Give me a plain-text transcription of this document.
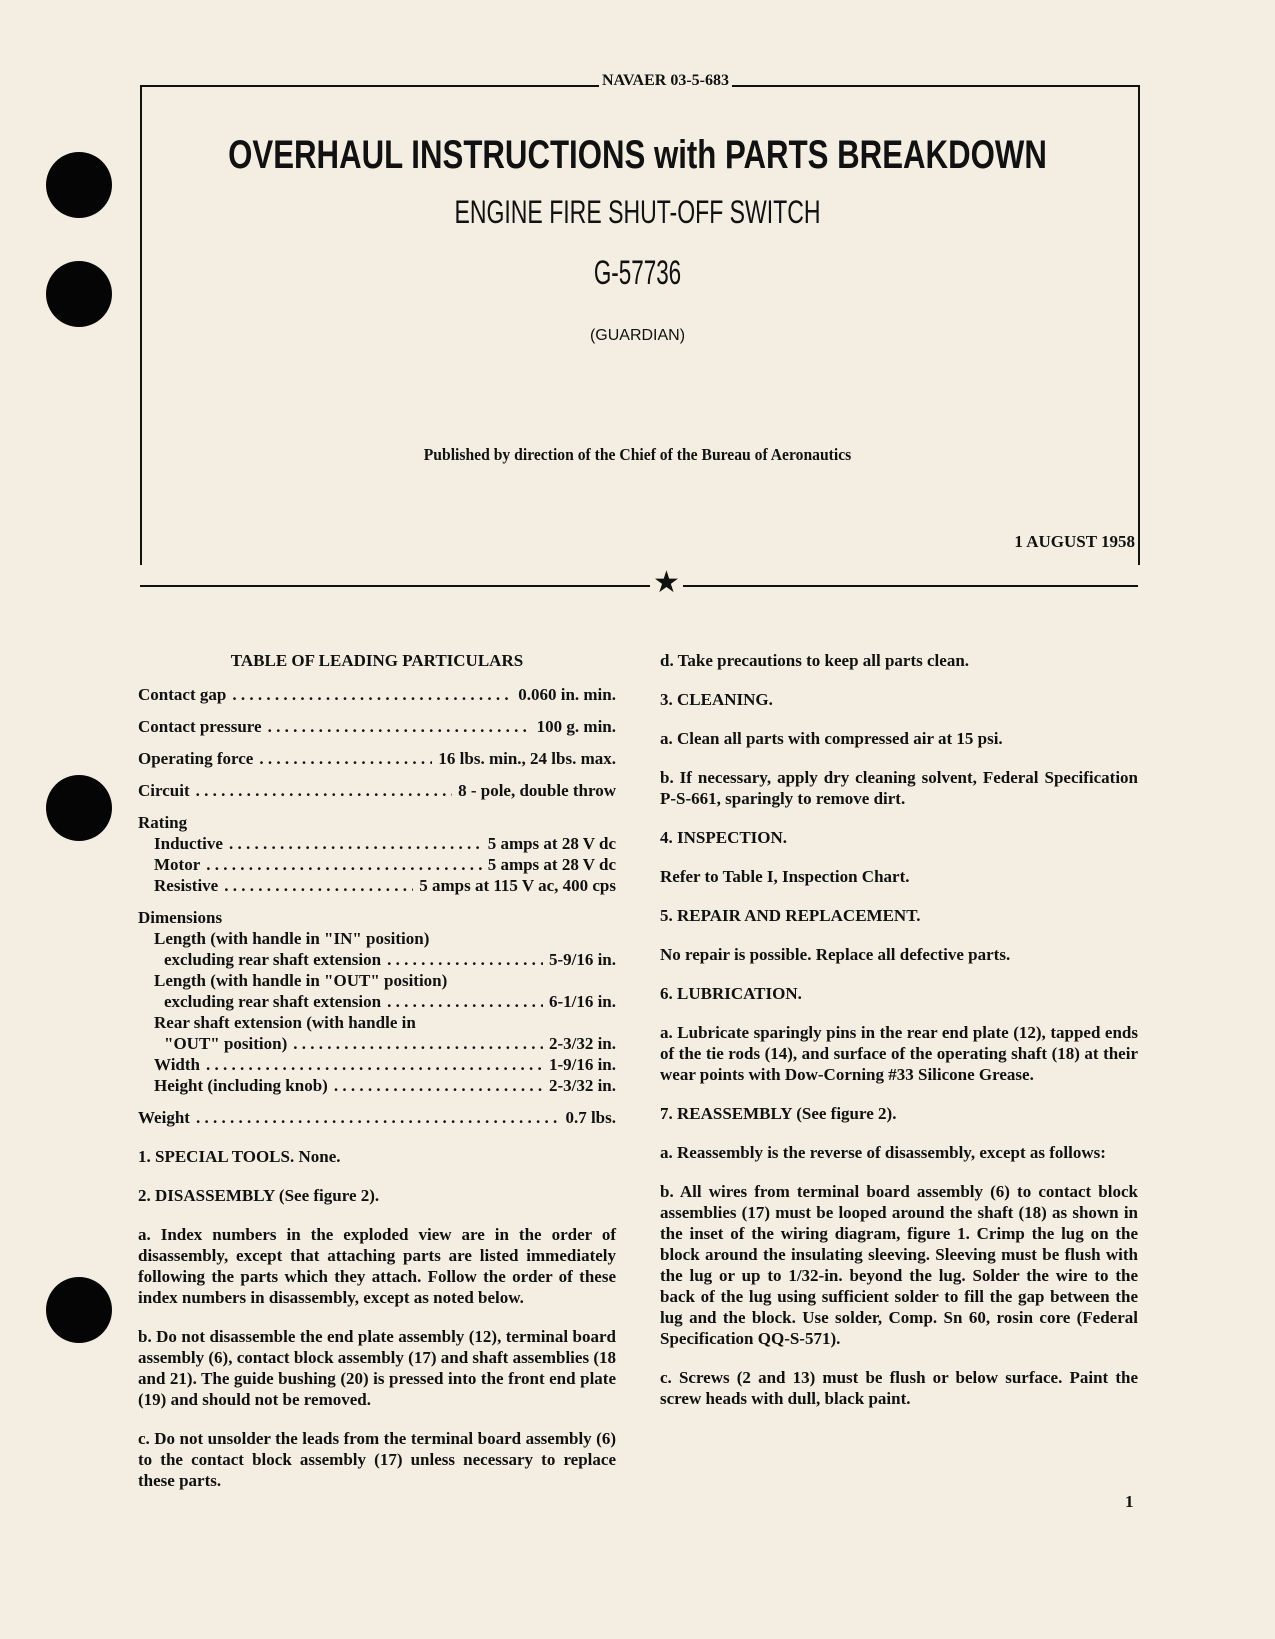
★
NAVAER 03-5-683
OVERHAUL INSTRUCTIONS with PARTS BREAKDOWN
ENGINE FIRE SHUT-OFF SWITCH
G-57736
(GUARDIAN)
Published by direction of the Chief of the Bureau of Aeronautics
1 AUGUST 1958
TABLE OF LEADING PARTICULARS
Contact gap . . .	0.060 in. min.
Contact pressure . . .	100 g. min.
Operating force . . .	16 lbs. min., 24 lbs. max.
Circuit . . .	8 - pole, double throw
Rating
Inductive . . .	5 amps at 28 V dc
Motor . . .	5 amps at 28 V dc
Resistive . . .	5 amps at 115 V ac, 400 cps
Dimensions
Length (with handle in "IN" position)
excluding rear shaft extension . . .	5-9/16 in.
Length (with handle in "OUT" position)
excluding rear shaft extension . . .	6-1/16 in.
Rear shaft extension (with handle in
"OUT" position) . . .	2-3/32 in.
Width . . .	1-9/16 in.
Height (including knob) . . .	2-3/32 in.
Weight . . .	0.7 lbs.
1. SPECIAL TOOLS. None.
2. DISASSEMBLY (See figure 2).
a. Index numbers in the exploded view are in the order of disassembly, except that attaching parts are listed immediately following the parts which they attach. Follow the order of these index numbers in disassembly, except as noted below.
b. Do not disassemble the end plate assembly (12), terminal board assembly (6), contact block assembly (17) and shaft assemblies (18 and 21). The guide bushing (20) is pressed into the front end plate (19) and should not be removed.
c. Do not unsolder the leads from the terminal board assembly (6) to the contact block assembly (17) unless necessary to replace these parts.
d. Take precautions to keep all parts clean.
3. CLEANING.
a. Clean all parts with compressed air at 15 psi.
b. If necessary, apply dry cleaning solvent, Federal Specification P-S-661, sparingly to remove dirt.
4. INSPECTION.
Refer to Table I, Inspection Chart.
5. REPAIR AND REPLACEMENT.
No repair is possible. Replace all defective parts.
6. LUBRICATION.
a. Lubricate sparingly pins in the rear end plate (12), tapped ends of the tie rods (14), and surface of the operating shaft (18) at their wear points with Dow-Corning #33 Silicone Grease.
7. REASSEMBLY (See figure 2).
a. Reassembly is the reverse of disassembly, except as follows:
b. All wires from terminal board assembly (6) to contact block assemblies (17) must be looped around the shaft (18) as shown in the inset of the wiring diagram, figure 1. Crimp the lug on the block around the insulating sleeving. Sleeving must be flush with the lug or up to 1/32-in. beyond the lug. Solder the wire to the back of the lug using sufficient solder to fill the gap between the lug and the block. Use solder, Comp. Sn 60, rosin core (Federal Specification QQ-S-571).
c. Screws (2 and 13) must be flush or below surface. Paint the screw heads with dull, black paint.
1
